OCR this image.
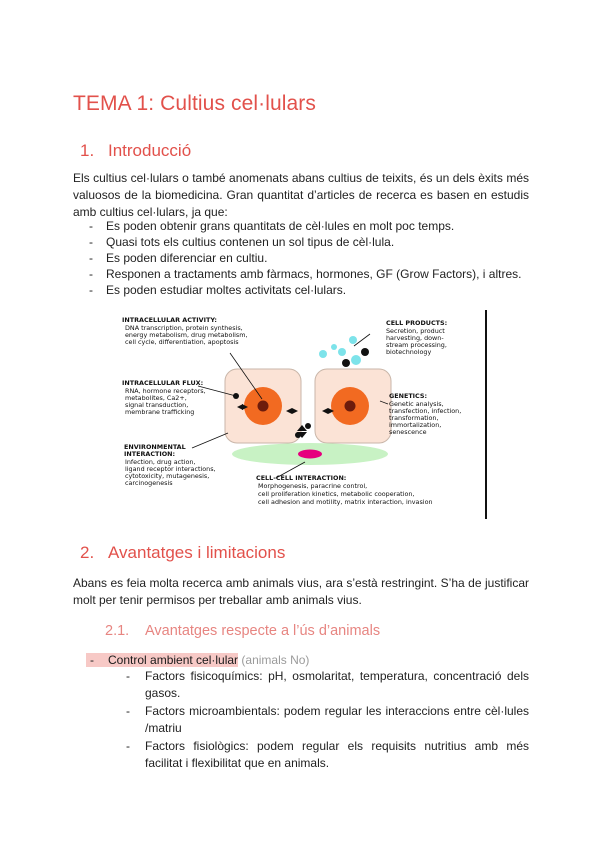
TEMA 1: Cultius cel·lulars
1. Introducció

Els cultius cel·lulars o també anomenats abans cultius de teixits, és un dels èxits més valuosos de la biomedicina. Gran quantitat d’articles de recerca es basen en estudis amb cultius cel·lulars, ja que:

- Es poden obtenir grans quantitats de cèl·lules en molt poc temps.
- Quasi tots els cultius contenen un sol tipus de cèl·lula.
- Es poden diferenciar en cultiu.
- Responen a tractaments amb fàrmacs, hormones, GF (Grow Factors), i altres.
- Es poden estudiar moltes activitats cel·lulars.
INTRACELLULAR ACTIVITY:
DNA transcription, protein synthesis,
energy metabolism, drug metabolism,
cell cycle, differentiation, apoptosis
INTRACELLULAR FLUX:
RNA, hormone receptors,
metabolites, Ca2+,
signal transduction,
membrane trafficking
ENVIRONMENTAL
INTERACTION:
Infection, drug action,
ligand receptor interactions,
cytotoxicity, mutagenesis,
carcinogenesis
CELL PRODUCTS:
Secretion, product
harvesting, down-
stream processing,
biotechnology
GENETICS:
Genetic analysis,
transfection, infection,
transformation,
immortalization,
senescence
CELL-CELL INTERACTION:
Morphogenesis, paracrine control,
cell proliferation kinetics, metabolic cooperation,
cell adhesion and motility, matrix interaction, invasion
2. Avantatges i limitacions

Abans es feia molta recerca amb animals vius, ara s’està restringint. S’ha de justificar molt per tenir permisos per treballar amb animals vius.

2.1. Avantatges respecte a l’ús d’animals
- Control ambient cel·lular (animals No)
- Factors fisicoquímics: pH, osmolaritat, temperatura, concentració dels gasos.
- Factors microambientals: podem regular les interaccions entre cèl·lules /matriu
- Factors fisiològics: podem regular els requisits nutritius amb més facilitat i flexibilitat que en animals.
